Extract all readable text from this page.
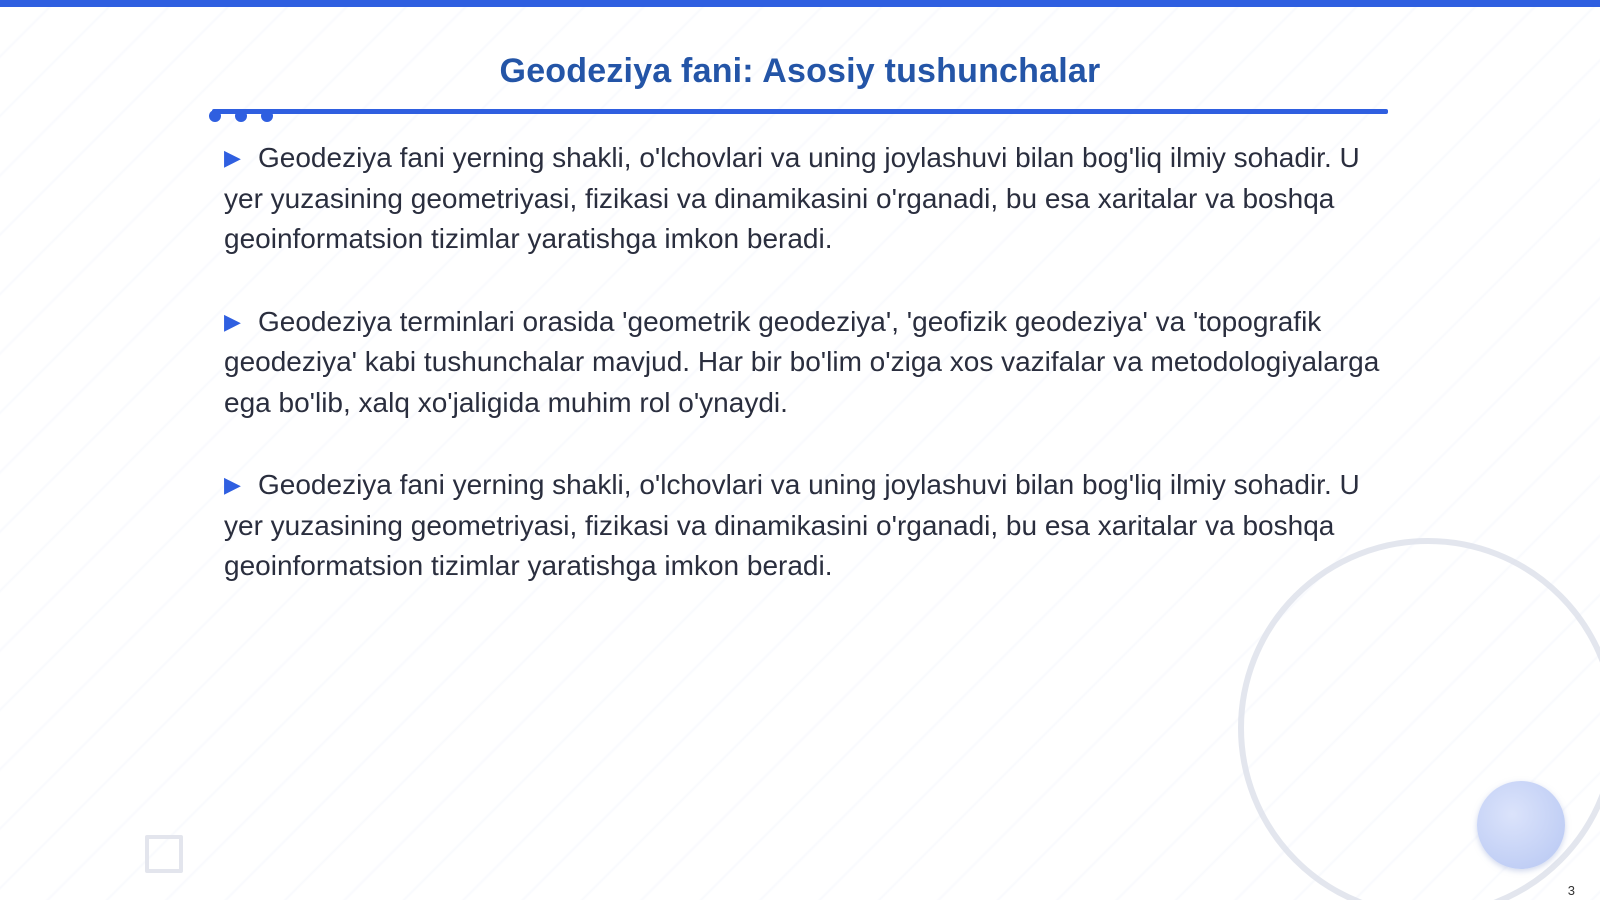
Geodeziya fani: Asosiy tushunchalar

▶ Geodeziya fani yerning shakli, o'lchovlari va uning joylashuvi bilan bog'liq ilmiy sohadir. U yer yuzasining geometriyasi, fizikasi va dinamikasini o'rganadi, bu esa xaritalar va boshqa geoinformatsion tizimlar yaratishga imkon beradi.

▶ Geodeziya terminlari orasida 'geometrik geodeziya', 'geofizik geodeziya' va 'topografik geodeziya' kabi tushunchalar mavjud. Har bir bo'lim o'ziga xos vazifalar va metodologiyalarga ega bo'lib, xalq xo'jaligida muhim rol o'ynaydi.

▶ Geodeziya fani yerning shakli, o'lchovlari va uning joylashuvi bilan bog'liq ilmiy sohadir. U yer yuzasining geometriyasi, fizikasi va dinamikasini o'rganadi, bu esa xaritalar va boshqa geoinformatsion tizimlar yaratishga imkon beradi.

3
